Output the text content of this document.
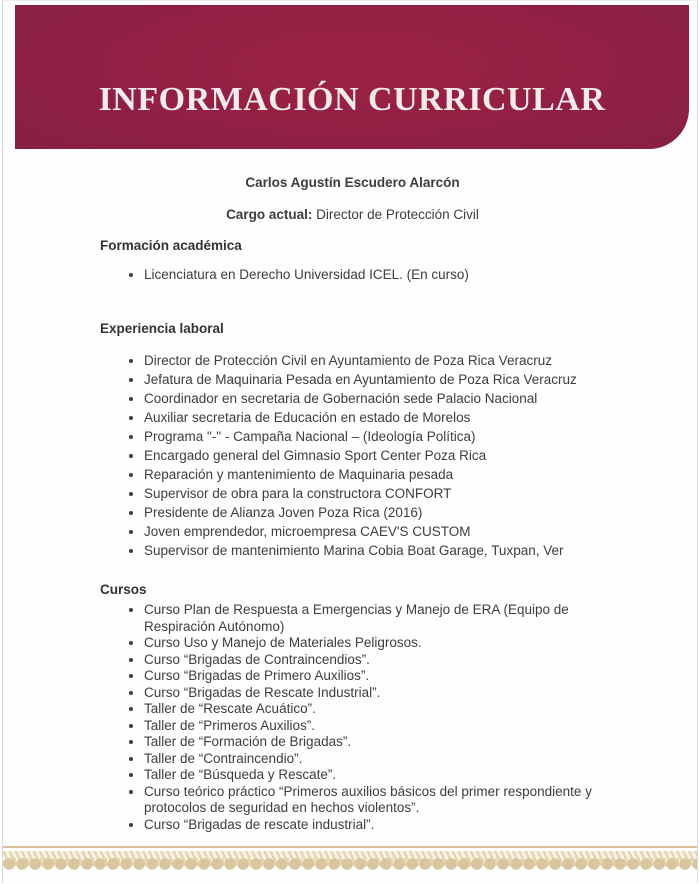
INFORMACIÓN CURRICULAR

Carlos Agustín Escudero Alarcón

Cargo actual: Director de Protección Civil

Formación académica
• Licenciatura en Derecho Universidad ICEL. (En curso)
Experiencia laboral
• Director de Protección Civil en Ayuntamiento de Poza Rica Veracruz
• Jefatura de Maquinaria Pesada en Ayuntamiento de Poza Rica Veracruz
• Coordinador en secretaria de Gobernación sede Palacio Nacional
• Auxiliar secretaria de Educación en estado de Morelos
• Programa "-" - Campaña Nacional – (Ideología Política)
• Encargado general del Gimnasio Sport Center Poza Rica
• Reparación y mantenimiento de Maquinaria pesada
• Supervisor de obra para la constructora CONFORT
• Presidente de Alianza Joven Poza Rica (2016)
• Joven emprendedor, microempresa CAEV'S CUSTOM
• Supervisor de mantenimiento Marina Cobia Boat Garage, Tuxpan, Ver
Cursos
• Curso Plan de Respuesta a Emergencias y Manejo de ERA (Equipo de Respiración Autónomo)
• Curso Uso y Manejo de Materiales Peligrosos.
• Curso “Brigadas de Contraincendios”.
• Curso “Brigadas de Primero Auxilios”.
• Curso “Brigadas de Rescate Industrial”.
• Taller de “Rescate Acuático”.
• Taller de “Primeros Auxilios”.
• Taller de “Formación de Brigadas”.
• Taller de “Contraincendio”.
• Taller de “Búsqueda y Rescate”.
• Curso teórico práctico “Primeros auxilios básicos del primer respondiente y protocolos de seguridad en hechos violentos”.
• Curso “Brigadas de rescate industrial”.
